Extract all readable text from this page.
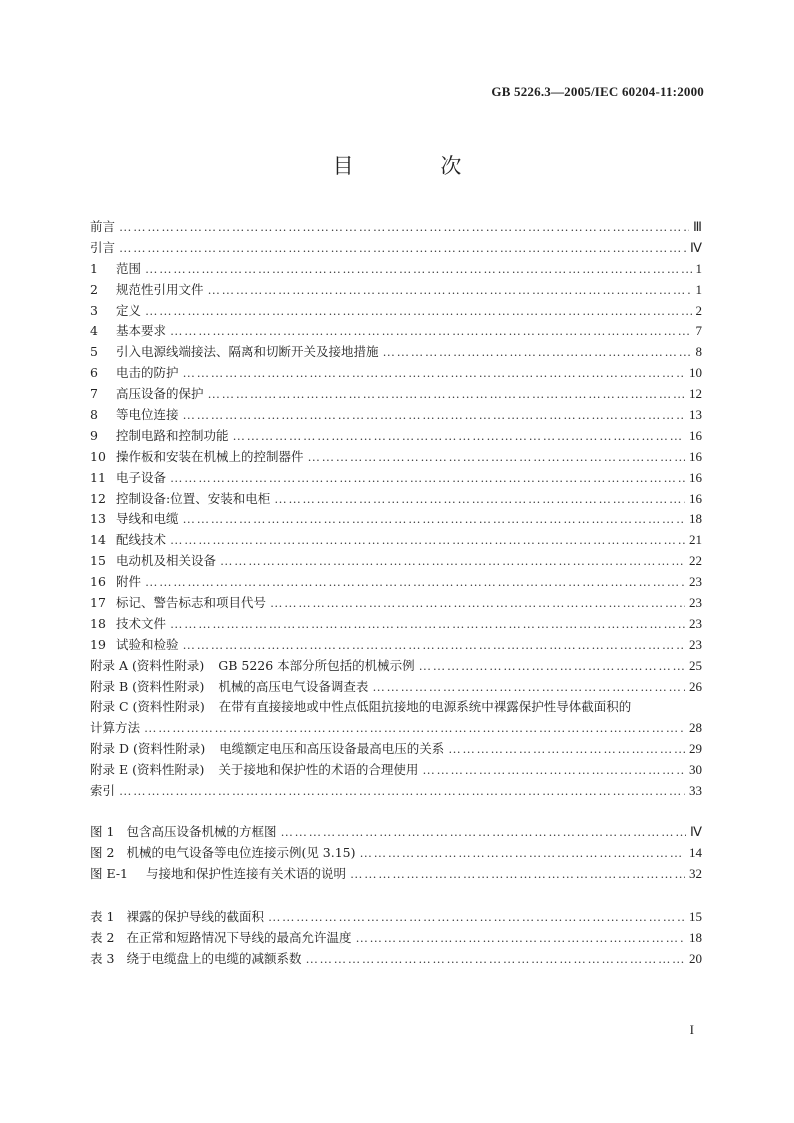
GB 5226.3—2005/IEC 60204-11:2000
目 次
前言 ………………………………………………………………………………………………………………………………………………………………………………	Ⅲ
引言 ………………………………………………………………………………………………………………………………………………………………………………	Ⅳ
1 范围 ………………………………………………………………………………………………………………………………………………………………………………	1
2 规范性引用文件 ………………………………………………………………………………………………………………………………………………………………………………	1
3 定义 ………………………………………………………………………………………………………………………………………………………………………………	2
4 基本要求 ………………………………………………………………………………………………………………………………………………………………………………	7
5 引入电源线端接法、隔离和切断开关及接地措施 ………………………………………………………………………………………………………………………………………………………………………………	8
6 电击的防护 ………………………………………………………………………………………………………………………………………………………………………………	10
7 高压设备的保护 ………………………………………………………………………………………………………………………………………………………………………………	12
8 等电位连接 ………………………………………………………………………………………………………………………………………………………………………………	13
9 控制电路和控制功能 ………………………………………………………………………………………………………………………………………………………………………………	16
10 操作板和安装在机械上的控制器件 ………………………………………………………………………………………………………………………………………………………………………………	16
11 电子设备 ………………………………………………………………………………………………………………………………………………………………………………	16
12 控制设备:位置、安装和电柜 ………………………………………………………………………………………………………………………………………………………………………………	16
13 导线和电缆 ………………………………………………………………………………………………………………………………………………………………………………	18
14 配线技术 ………………………………………………………………………………………………………………………………………………………………………………	21
15 电动机及相关设备 ………………………………………………………………………………………………………………………………………………………………………………	22
16 附件 ………………………………………………………………………………………………………………………………………………………………………………	23
17 标记、警告标志和项目代号 ………………………………………………………………………………………………………………………………………………………………………………	23
18 技术文件 ………………………………………………………………………………………………………………………………………………………………………………	23
19 试验和检验 ………………………………………………………………………………………………………………………………………………………………………………	23
附录 A (资料性附录) GB 5226 本部分所包括的机械示例 ………………………………………………………………………………………………………………………………………………………………………………	25
附录 B (资料性附录) 机械的高压电气设备调查表 ………………………………………………………………………………………………………………………………………………………………………………	26
附录 C (资料性附录) 在带有直接接地或中性点低阻抗接地的电源系统中裸露保护性导体截面积的
计算方法 ………………………………………………………………………………………………………………………………………………………………………………	28
附录 D (资料性附录) 电缆额定电压和高压设备最高电压的关系 ………………………………………………………………………………………………………………………………………………………………………………	29
附录 E (资料性附录) 关于接地和保护性的术语的合理使用 ………………………………………………………………………………………………………………………………………………………………………………	30
索引 ………………………………………………………………………………………………………………………………………………………………………………	33
图 1 包含高压设备机械的方框图 ………………………………………………………………………………………………………………………………………………………………………………	Ⅳ
图 2 机械的电气设备等电位连接示例(见 3.15) ………………………………………………………………………………………………………………………………………………………………………………	14
图 E-1 与接地和保护性连接有关术语的说明 ………………………………………………………………………………………………………………………………………………………………………………	32
表 1 裸露的保护导线的截面积 ………………………………………………………………………………………………………………………………………………………………………………	15
表 2 在正常和短路情况下导线的最高允许温度 ………………………………………………………………………………………………………………………………………………………………………………	18
表 3 绕于电缆盘上的电缆的减额系数 ………………………………………………………………………………………………………………………………………………………………………………	20
I
